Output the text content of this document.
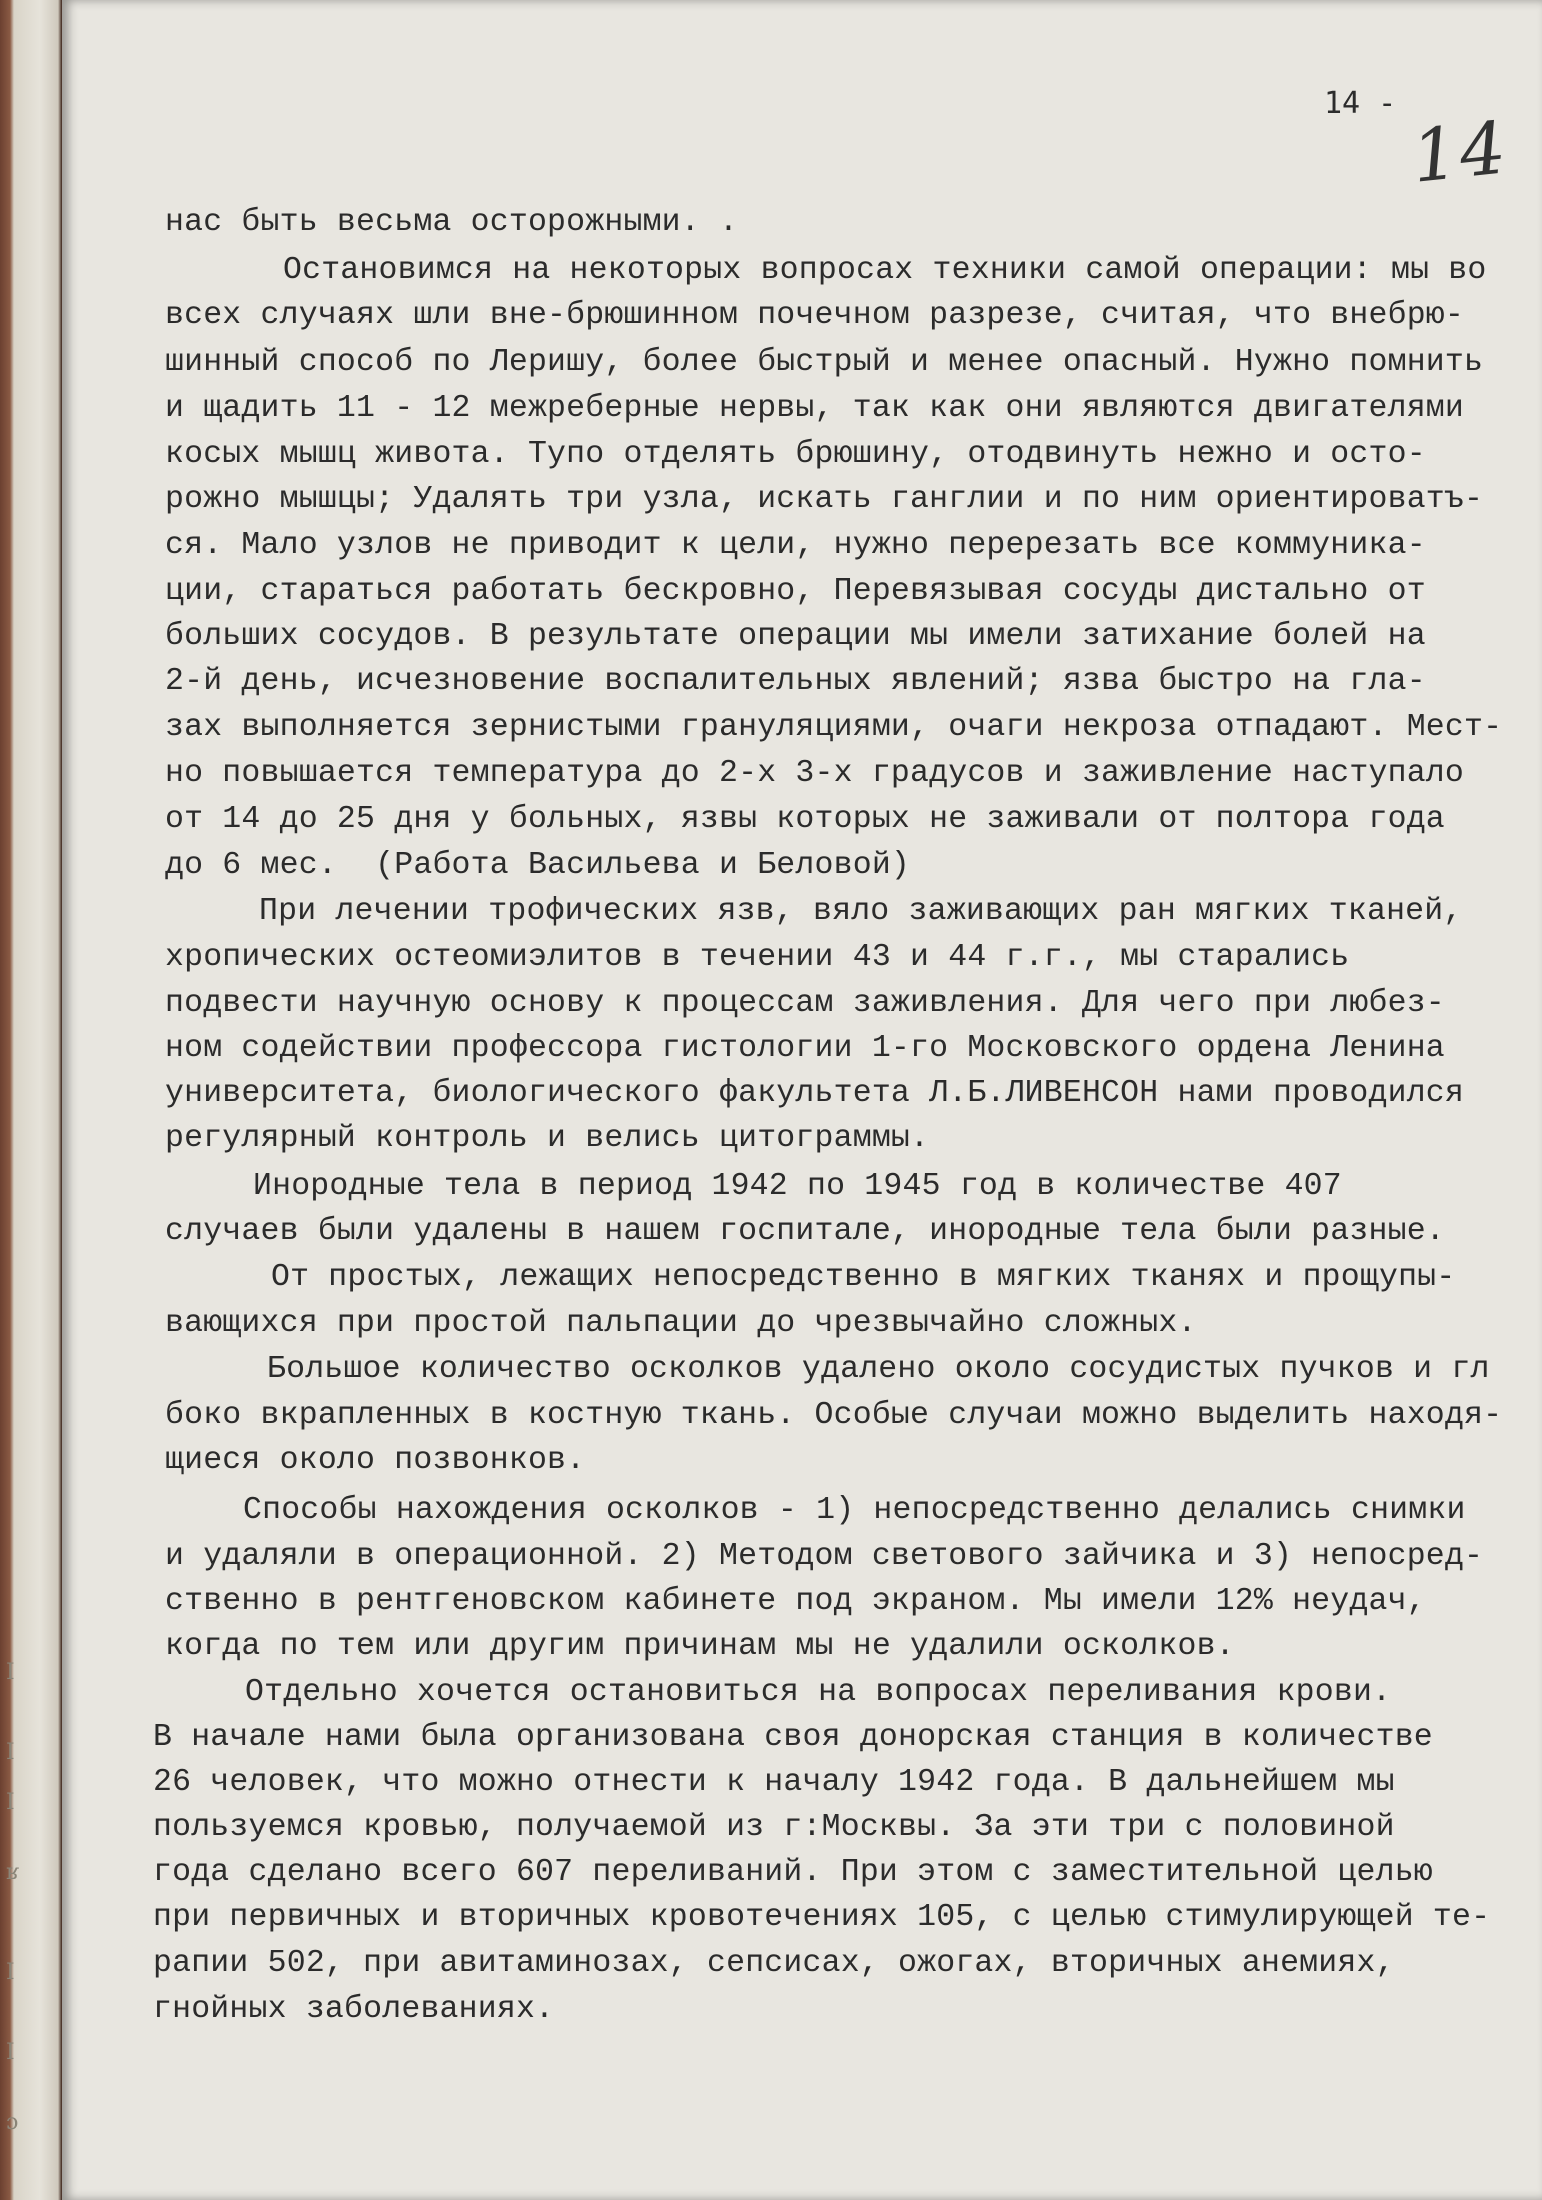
I
I
I
ʁ
I
I
ɔ
14 -
14
нас быть весьма осторожными. .
Остановимся на некоторых вопросах техники самой операции: мы во
всех случаях шли вне-брюшинном почечном разрезе, считая, что внебрю-
шинный способ по Леришу, более быстрый и менее опасный. Нужно помнить
и щадить 11 - 12 межреберные нервы, так как они являются двигателями
косых мышц живота. Тупо отделять брюшину, отодвинуть нежно и осто-
рожно мышцы; Удалять три узла, искать ганглии и по ним ориентироватъ-
ся. Мало узлов не приводит к цели, нужно перерезать все коммуника-
ции, стараться работать бескровно, Перевязывая сосуды дистально от
больших сосудов. В результате операции мы имели затихание болей на
2-й день, исчезновение воспалительных явлений; язва быстро на гла-
зах выполняется зернистыми грануляциями, очаги некроза отпадают. Мест-
но повышается температура до 2-х 3-х градусов и заживление наступало
от 14 до 25 дня у больных, язвы которых не заживали от полтора года
до 6 мес.  (Работа Васильева и Беловой)
При лечении трофических язв, вяло заживающих ран мягких тканей,
хропических остеомиэлитов в течении 43 и 44 г.г., мы старались
подвести научную основу к процессам заживления. Для чего при любез-
ном содействии профессора гистологии 1-го Московского ордена Ленина
университета, биологического факультета Л.Б.ЛИВЕНСОН нами проводился
регулярный контроль и велись цитограммы.
Инородные тела в период 1942 по 1945 год в количестве 407
случаев были удалены в нашем госпитале, инородные тела были разные.
От простых, лежащих непосредственно в мягких тканях и прощупы-
вающихся при простой пальпации до чрезвычайно сложных.
Большое количество осколков удалено около сосудистых пучков и гл
боко вкрапленных в костную ткань. Особые случаи можно выделить находя-
щиеся около позвонков.
Способы нахождения осколков - 1) непосредственно делались снимки
и удаляли в операционной. 2) Методом светового зайчика и 3) непосред-
ственно в рентгеновском кабинете под экраном. Мы имели 12% неудач,
когда по тем или другим причинам мы не удалили осколков.
Отдельно хочется остановиться на вопросах переливания крови.
В начале нами была организована своя донорская станция в количестве
26 человек, что можно отнести к началу 1942 года. В дальнейшем мы
пользуемся кровью, получаемой из г:Москвы. За эти три с половиной
года сделано всего 607 переливаний. При этом с заместительной целью
при первичных и вторичных кровотечениях 105, с целью стимулирующей те-
рапии 502, при авитаминозах, сепсисах, ожогах, вторичных анемиях,
гнойных заболеваниях.
